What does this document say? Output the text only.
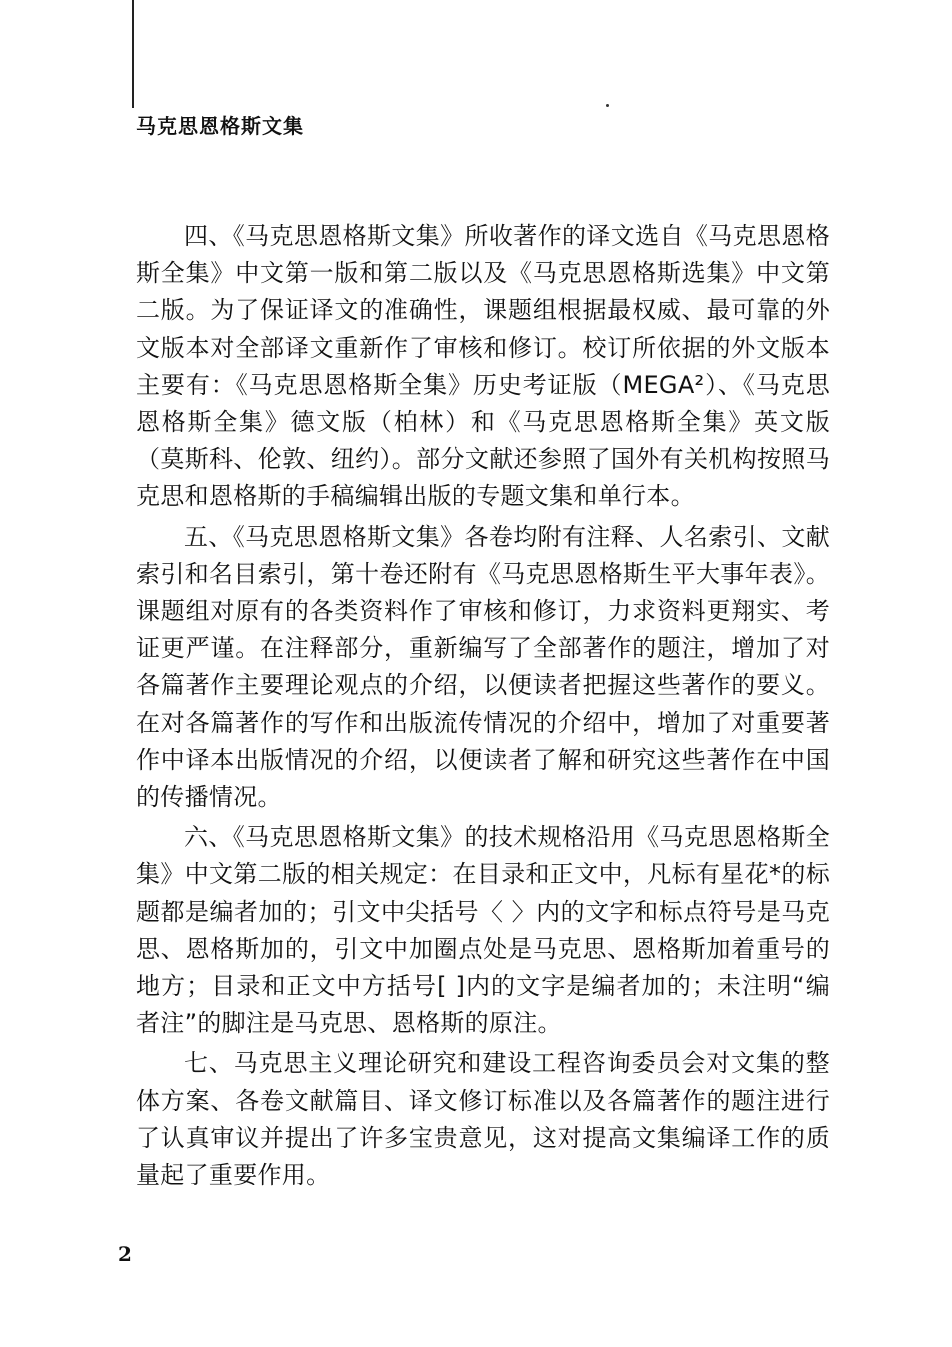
马克思恩格斯文集

四、《马克思恩格斯文集》所收著作的译文选自《马克思恩格斯全集》中文第一版和第二版以及《马克思恩格斯选集》中文第二版。为了保证译文的准确性，课题组根据最权威、最可靠的外文版本对全部译文重新作了审核和修订。校订所依据的外文版本主要有：《马克思恩格斯全集》历史考证版（MEGA²）、《马克思恩格斯全集》德文版（柏林）和《马克思恩格斯全集》英文版（莫斯科、伦敦、纽约）。部分文献还参照了国外有关机构按照马克思和恩格斯的手稿编辑出版的专题文集和单行本。

五、《马克思恩格斯文集》各卷均附有注释、人名索引、文献索引和名目索引，第十卷还附有《马克思恩格斯生平大事年表》。课题组对原有的各类资料作了审核和修订，力求资料更翔实、考证更严谨。在注释部分，重新编写了全部著作的题注，增加了对各篇著作主要理论观点的介绍，以便读者把握这些著作的要义。在对各篇著作的写作和出版流传情况的介绍中，增加了对重要著作中译本出版情况的介绍，以便读者了解和研究这些著作在中国的传播情况。

六、《马克思恩格斯文集》的技术规格沿用《马克思恩格斯全集》中文第二版的相关规定：在目录和正文中，凡标有星花*的标题都是编者加的；引文中尖括号〈 〉内的文字和标点符号是马克思、恩格斯加的，引文中加圈点处是马克思、恩格斯加着重号的地方；目录和正文中方括号[ ]内的文字是编者加的；未注明“编者注”的脚注是马克思、恩格斯的原注。

七、马克思主义理论研究和建设工程咨询委员会对文集的整体方案、各卷文献篇目、译文修订标准以及各篇著作的题注进行了认真审议并提出了许多宝贵意见，这对提高文集编译工作的质量起了重要作用。

2
